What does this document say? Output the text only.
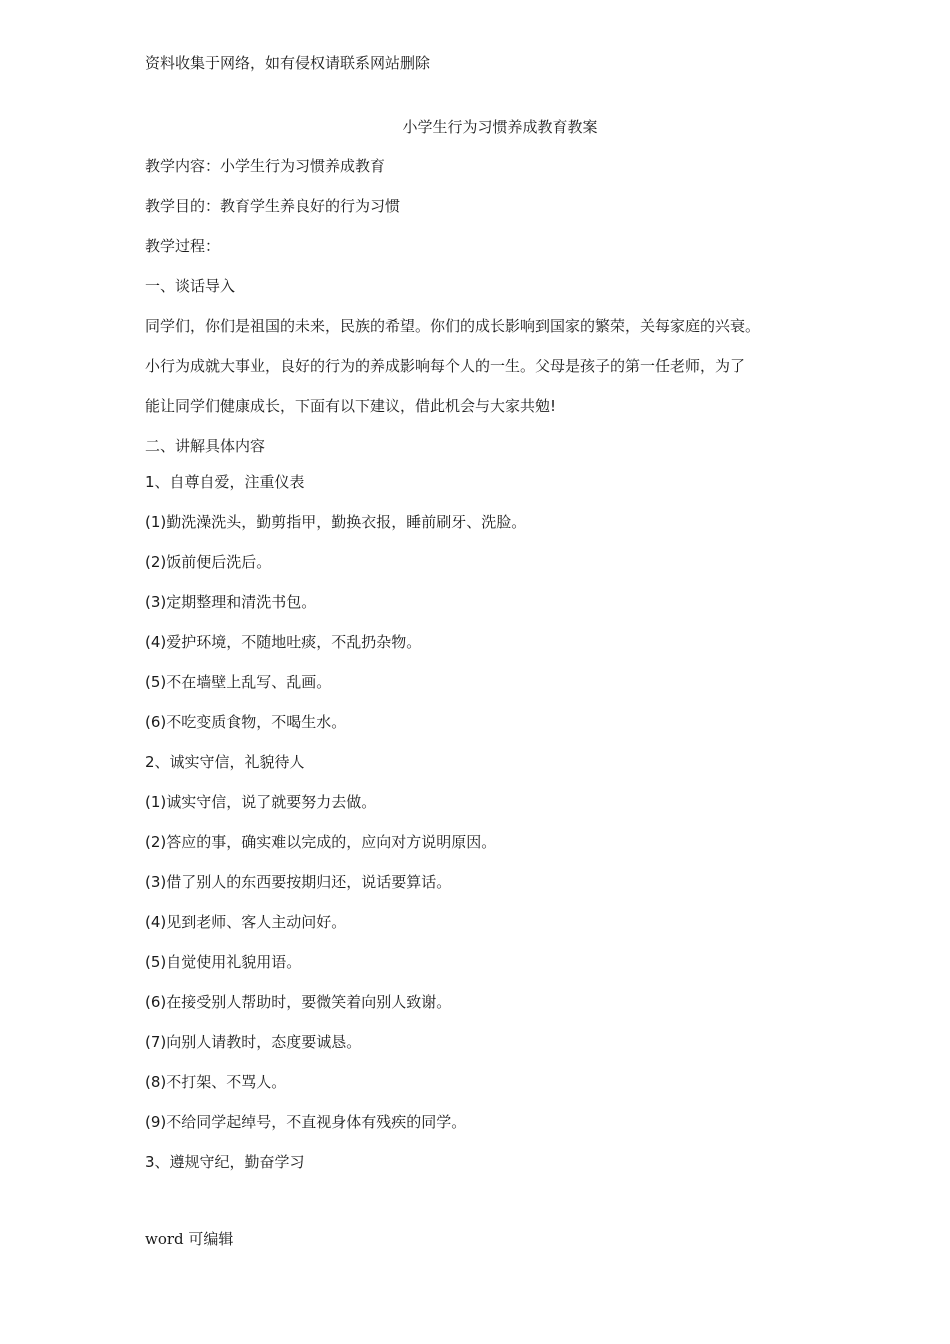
资料收集于网络，如有侵权请联系网站删除
小学生行为习惯养成教育教案
教学内容：小学生行为习惯养成教育
教学目的：教育学生养良好的行为习惯
教学过程：
一、谈话导入
同学们，你们是祖国的未来，民族的希望。你们的成长影响到国家的繁荣，关每家庭的兴衰。
小行为成就大事业，良好的行为的养成影响每个人的一生。父母是孩子的第一任老师，为了
能让同学们健康成长，下面有以下建议，借此机会与大家共勉!
二、讲解具体内容
1、自尊自爱，注重仪表
(1)勤洗澡洗头，勤剪指甲，勤换衣报，睡前刷牙、洗脸。
(2)饭前便后洗后。
(3)定期整理和清洗书包。
(4)爱护环境，不随地吐痰，不乱扔杂物。
(5)不在墙壁上乱写、乱画。
(6)不吃变质食物，不喝生水。
2、诚实守信，礼貌待人
(1)诚实守信，说了就要努力去做。
(2)答应的事，确实难以完成的，应向对方说明原因。
(3)借了别人的东西要按期归还，说话要算话。
(4)见到老师、客人主动问好。
(5)自觉使用礼貌用语。
(6)在接受别人帮助时，要微笑着向别人致谢。
(7)向别人请教时，态度要诚恳。
(8)不打架、不骂人。
(9)不给同学起绰号，不直视身体有残疾的同学。
3、遵规守纪，勤奋学习
word 可编辑
